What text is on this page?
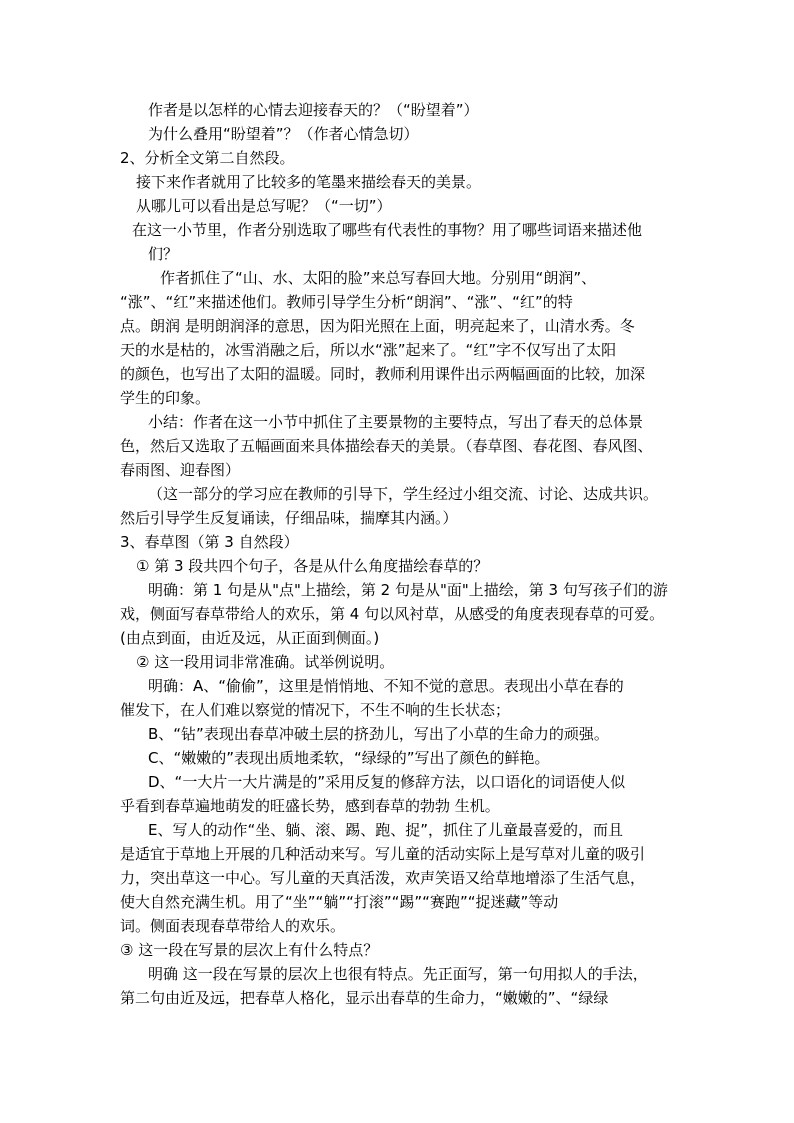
作者是以怎样的心情去迎接春天的？（“盼望着”）
为什么叠用“盼望着”？（作者心情急切）
2、分析全文第二自然段。
接下来作者就用了比较多的笔墨来描绘春天的美景。
从哪儿可以看出是总写呢？（“一切”）
在这一小节里，作者分别选取了哪些有代表性的事物？用了哪些词语来描述他
们？
作者抓住了“山、水、太阳的脸”来总写春回大地。分别用“朗润”、
“涨”、“红”来描述他们。教师引导学生分析“朗润”、“涨”、“红”的特
点。朗润 是明朗润泽的意思，因为阳光照在上面，明亮起来了，山清水秀。冬
天的水是枯的，冰雪消融之后，所以水“涨”起来了。“红”字不仅写出了太阳
的颜色，也写出了太阳的温暖。同时，教师利用课件出示两幅画面的比较，加深
学生的印象。
小结：作者在这一小节中抓住了主要景物的主要特点，写出了春天的总体景
色，然后又选取了五幅画面来具体描绘春天的美景。（春草图、春花图、春风图、
春雨图、迎春图）
（这一部分的学习应在教师的引导下，学生经过小组交流、讨论、达成共识。
然后引导学生反复诵读，仔细品味，揣摩其内涵。）
3、春草图（第 3 自然段）
① 第 3 段共四个句子，各是从什么角度描绘春草的？
明确：第 1 句是从"点"上描绘，第 2 句是从"面"上描绘，第 3 句写孩子们的游
戏，侧面写春草带给人的欢乐，第 4 句以风衬草，从感受的角度表现春草的可爱。
(由点到面，由近及远，从正面到侧面。)
② 这一段用词非常准确。试举例说明。
明确：A、“偷偷”，这里是悄悄地、不知不觉的意思。表现出小草在春的
催发下，在人们难以察觉的情况下，不生不响的生长状态；
B、“钻”表现出春草冲破土层的挤劲儿，写出了小草的生命力的顽强。
C、“嫩嫩的”表现出质地柔软，“绿绿的”写出了颜色的鲜艳。
D、“一大片一大片满是的”采用反复的修辞方法，以口语化的词语使人似
乎看到春草遍地萌发的旺盛长势，感到春草的勃勃 生机。
E、写人的动作“坐、躺、滚、踢、跑、捉”，抓住了儿童最喜爱的，而且
是适宜于草地上开展的几种活动来写。写儿童的活动实际上是写草对儿童的吸引
力，突出草这一中心。写儿童的天真活泼，欢声笑语又给草地增添了生活气息，
使大自然充满生机。用了“坐”“躺”“打滚”“踢”“赛跑”“捉迷藏”等动
词。侧面表现春草带给人的欢乐。
③ 这一段在写景的层次上有什么特点？
明确 这一段在写景的层次上也很有特点。先正面写，第一句用拟人的手法，
第二句由近及远，把春草人格化，显示出春草的生命力，“嫩嫩的”、“绿绿
